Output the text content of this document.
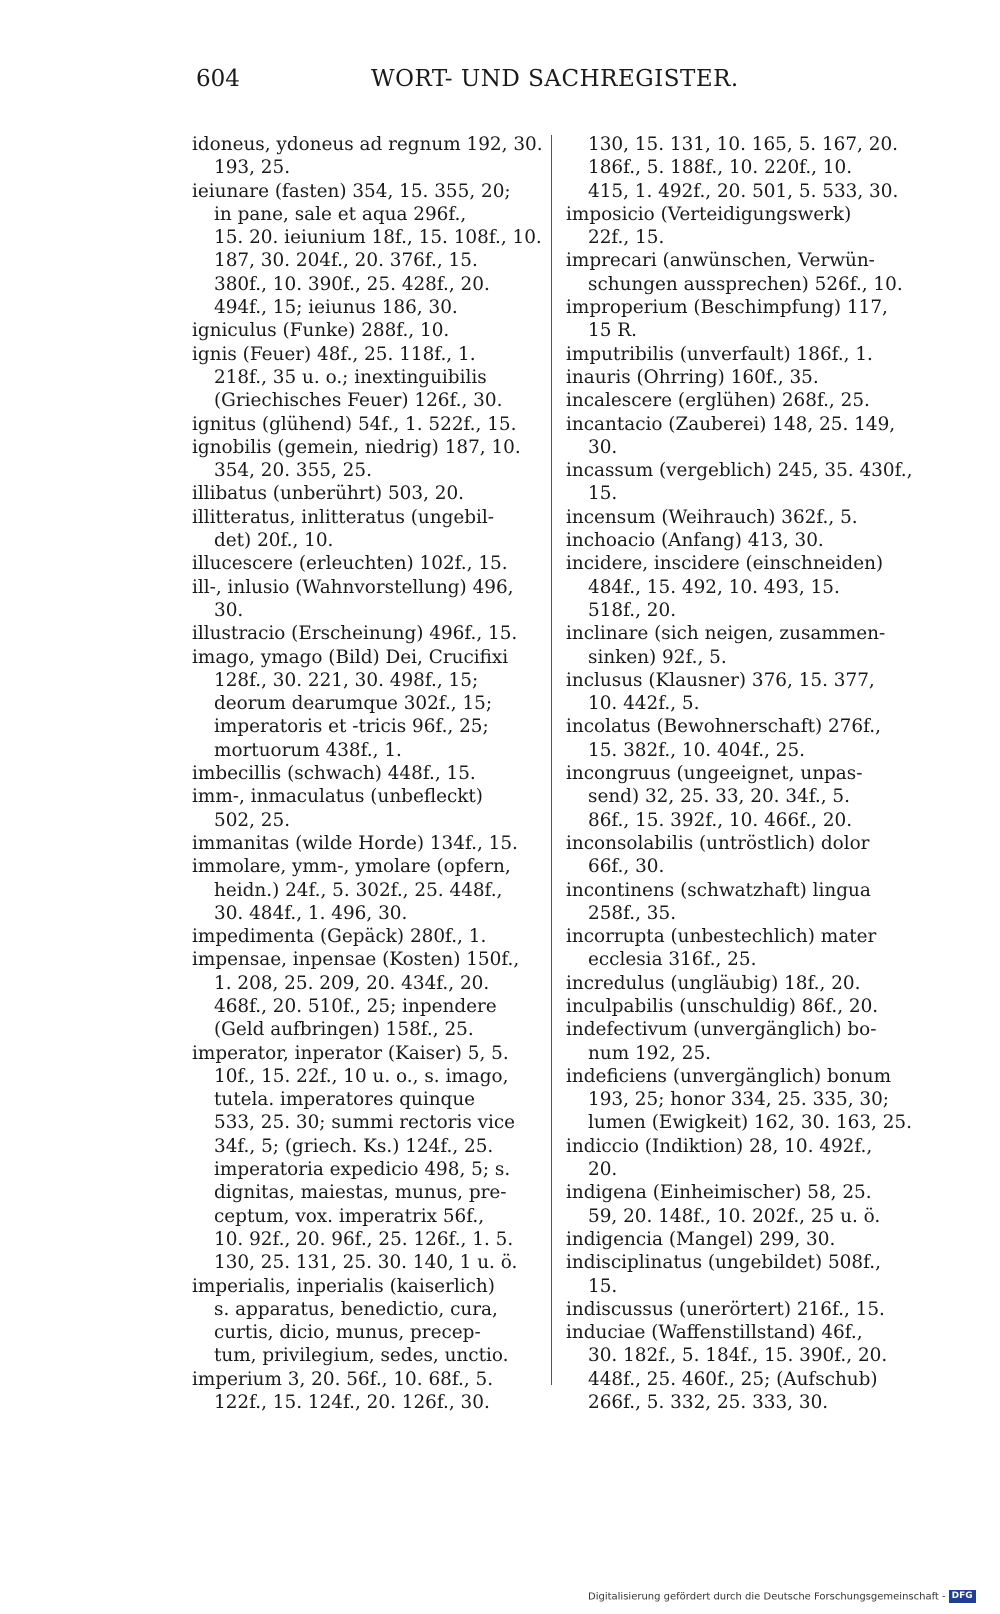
604	WORT- UND SACHREGISTER.
idoneus, ydoneus ad regnum 192, 30.
193, 25.
ieiunare (fasten) 354, 15. 355, 20;
in pane, sale et aqua 296f.,
15. 20. ieiunium 18f., 15. 108f., 10.
187, 30. 204f., 20. 376f., 15.
380f., 10. 390f., 25. 428f., 20.
494f., 15; ieiunus 186, 30.
igniculus (Funke) 288f., 10.
ignis (Feuer) 48f., 25. 118f., 1.
218f., 35 u. o.; inextinguibilis
(Griechisches Feuer) 126f., 30.
ignitus (glühend) 54f., 1. 522f., 15.
ignobilis (gemein, niedrig) 187, 10.
354, 20. 355, 25.
illibatus (unberührt) 503, 20.
illitteratus, inlitteratus (ungebil-
det) 20f., 10.
illucescere (erleuchten) 102f., 15.
ill-, inlusio (Wahnvorstellung) 496,
30.
illustracio (Erscheinung) 496f., 15.
imago, ymago (Bild) Dei, Crucifixi
128f., 30. 221, 30. 498f., 15;
deorum dearumque 302f., 15;
imperatoris et -tricis 96f., 25;
mortuorum 438f., 1.
imbecillis (schwach) 448f., 15.
imm-, inmaculatus (unbefleckt)
502, 25.
immanitas (wilde Horde) 134f., 15.
immolare, ymm-, ymolare (opfern,
heidn.) 24f., 5. 302f., 25. 448f.,
30. 484f., 1. 496, 30.
impedimenta (Gepäck) 280f., 1.
impensae, inpensae (Kosten) 150f.,
1. 208, 25. 209, 20. 434f., 20.
468f., 20. 510f., 25; inpendere
(Geld aufbringen) 158f., 25.
imperator, inperator (Kaiser) 5, 5.
10f., 15. 22f., 10 u. o., s. imago,
tutela. imperatores quinque
533, 25. 30; summi rectoris vice
34f., 5; (griech. Ks.) 124f., 25.
imperatoria expedicio 498, 5; s.
dignitas, maiestas, munus, pre-
ceptum, vox. imperatrix 56f.,
10. 92f., 20. 96f., 25. 126f., 1. 5.
130, 25. 131, 25. 30. 140, 1 u. ö.
imperialis, inperialis (kaiserlich)
s. apparatus, benedictio, cura,
curtis, dicio, munus, precep-
tum, privilegium, sedes, unctio.
imperium 3, 20. 56f., 10. 68f., 5.
122f., 15. 124f., 20. 126f., 30.
130, 15. 131, 10. 165, 5. 167, 20.
186f., 5. 188f., 10. 220f., 10.
415, 1. 492f., 20. 501, 5. 533, 30.
imposicio (Verteidigungswerk)
22f., 15.
imprecari (anwünschen, Verwün-
schungen aussprechen) 526f., 10.
improperium (Beschimpfung) 117,
15 R.
imputribilis (unverfault) 186f., 1.
inauris (Ohrring) 160f., 35.
incalescere (erglühen) 268f., 25.
incantacio (Zauberei) 148, 25. 149,
30.
incassum (vergeblich) 245, 35. 430f.,
15.
incensum (Weihrauch) 362f., 5.
inchoacio (Anfang) 413, 30.
incidere, inscidere (einschneiden)
484f., 15. 492, 10. 493, 15.
518f., 20.
inclinare (sich neigen, zusammen-
sinken) 92f., 5.
inclusus (Klausner) 376, 15. 377,
10. 442f., 5.
incolatus (Bewohnerschaft) 276f.,
15. 382f., 10. 404f., 25.
incongruus (ungeeignet, unpas-
send) 32, 25. 33, 20. 34f., 5.
86f., 15. 392f., 10. 466f., 20.
inconsolabilis (untröstlich) dolor
66f., 30.
incontinens (schwatzhaft) lingua
258f., 35.
incorrupta (unbestechlich) mater
ecclesia 316f., 25.
incredulus (ungläubig) 18f., 20.
inculpabilis (unschuldig) 86f., 20.
indefectivum (unvergänglich) bo-
num 192, 25.
indeficiens (unvergänglich) bonum
193, 25; honor 334, 25. 335, 30;
lumen (Ewigkeit) 162, 30. 163, 25.
indiccio (Indiktion) 28, 10. 492f.,
20.
indigena (Einheimischer) 58, 25.
59, 20. 148f., 10. 202f., 25 u. ö.
indigencia (Mangel) 299, 30.
indisciplinatus (ungebildet) 508f.,
15.
indiscussus (unerörtert) 216f., 15.
induciae (Waffenstillstand) 46f.,
30. 182f., 5. 184f., 15. 390f., 20.
448f., 25. 460f., 25; (Aufschub)
266f., 5. 332, 25. 333, 30.
Digitalisierung gefördert durch die Deutsche Forschungsgemeinschaft - DFG
